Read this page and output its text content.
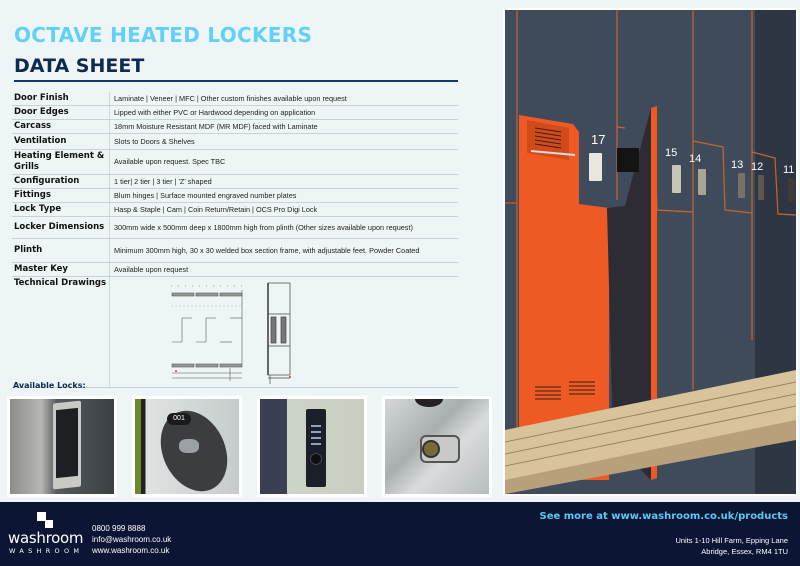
OCTAVE HEATED LOCKERS
DATA SHEET
Door Finish	Laminate | Veneer | MFC | Other custom finishes available upon request
Door Edges	Lipped with either PVC or Hardwood depending on application
Carcass	18mm Moisture Resistant MDF (MR MDF) faced with Laminate
Ventilation	Slots to Doors & Shelves
Heating Element & Grills	Available upon request. Spec TBC
Configuration	1 tier| 2 tier | 3 tier | 'Z' shaped
Fittings	Blum hinges | Surface mounted engraved number plates
Lock Type	Hasp & Staple | Cam | Coin Return/Retain | OCS Pro Digi Lock
Locker Dimensions	300mm wide x 500mm deep x 1800mm high from plinth (Other sizes available upon request)
Plinth	Minimum 300mm high, 30 x 30 welded box section frame, with adjustable feet. Powder Coated
Master Key	Available upon request
Technical Drawings	
Available Locks:
001
17
15 14	13 12 11
washroom
WASHROOM
0800 999 8888
info@washroom.co.uk
www.washroom.co.uk
See more at www.washroom.co.uk/products
Units 1-10 Hill Farm, Epping Lane
Abridge, Essex, RM4 1TU
